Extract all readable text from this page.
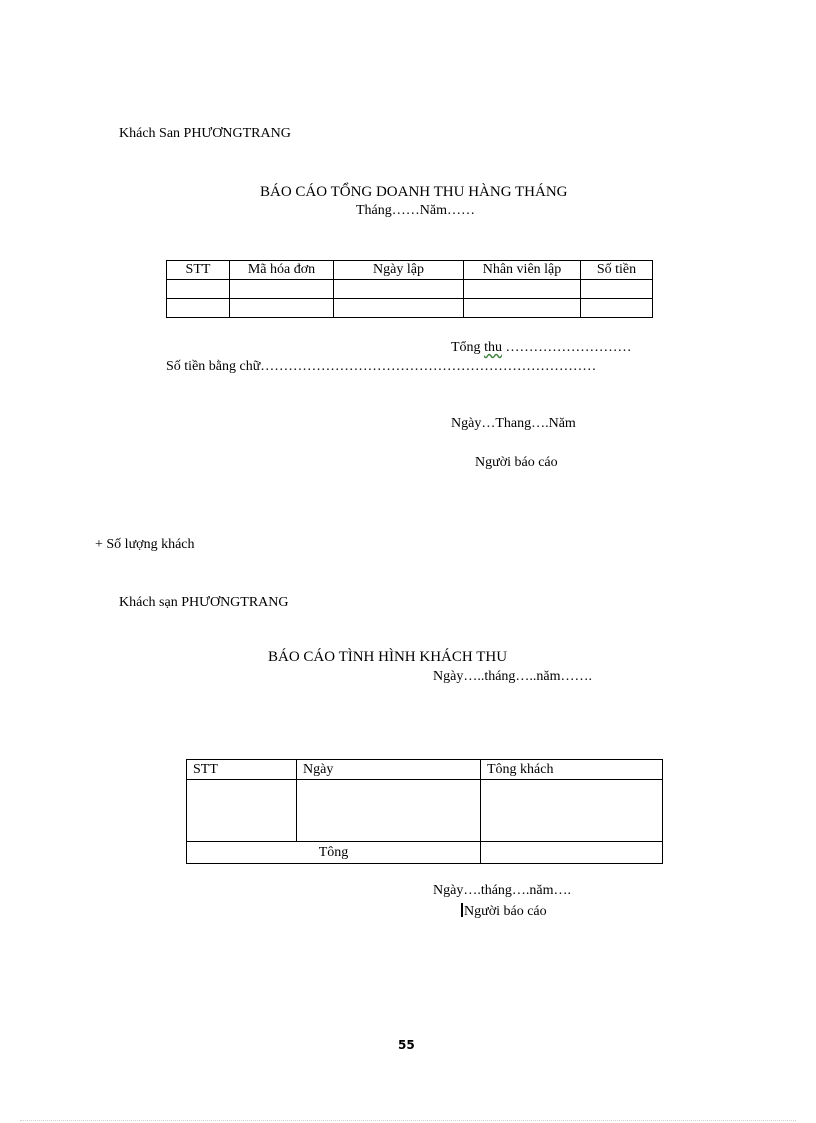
Khách San PHƯƠNGTRANG
BÁO CÁO TỔNG DOANH THU HÀNG THÁNG
Tháng……Năm……
STT	Mã hóa đơn	Ngày lập	Nhân viên lập	Số tiền

Tổng thu ………………………
Số tiền bằng chữ………………………………………………………………
Ngày…Thang….Năm
Người báo cáo
+ Số lượng khách
Khách sạn PHƯƠNGTRANG
BÁO CÁO TÌNH HÌNH KHÁCH THU
Ngày…..tháng…..năm…….
STT	Ngày	Tông khách

Tông		
Ngày….tháng….năm….
Người báo cáo
55
